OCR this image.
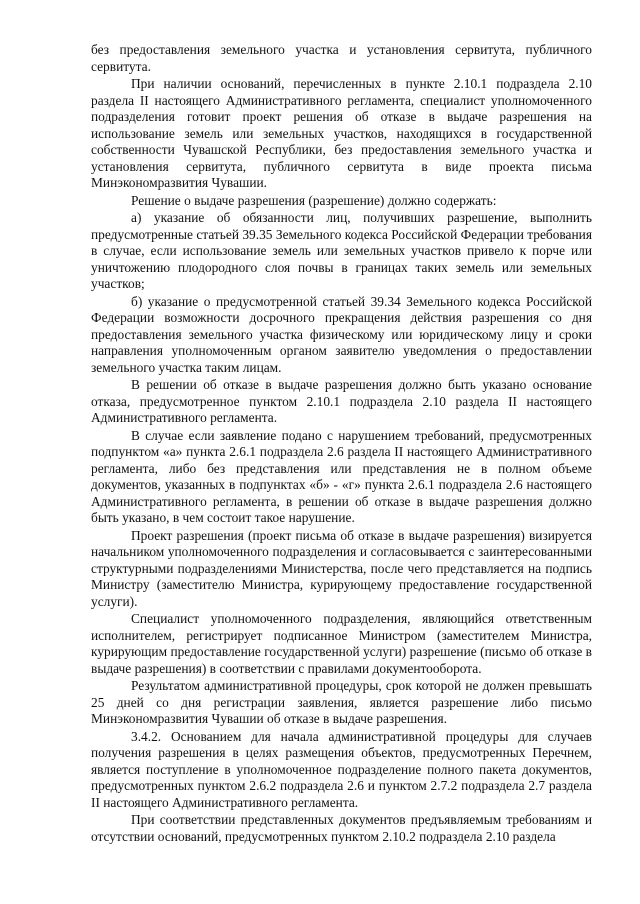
без предоставления земельного участка и установления сервитута, публичного сервитута.

При наличии оснований, перечисленных в пункте 2.10.1 подраздела 2.10 раздела II настоящего Административного регламента, специалист уполномоченного подразделения готовит проект решения об отказе в выдаче разрешения на использование земель или земельных участков, находящихся в государственной собственности Чувашской Республики, без предоставления земельного участка и установления сервитута, публичного сервитута в виде проекта письма Минэкономразвития Чувашии.

Решение о выдаче разрешения (разрешение) должно содержать:

а) указание об обязанности лиц, получивших разрешение, выполнить предусмотренные статьей 39.35 Земельного кодекса Российской Федерации требования в случае, если использование земель или земельных участков привело к порче или уничтожению плодородного слоя почвы в границах таких земель или земельных участков;

б) указание о предусмотренной статьей 39.34 Земельного кодекса Российской Федерации возможности досрочного прекращения действия разрешения со дня предоставления земельного участка физическому или юридическому лицу и сроки направления уполномоченным органом заявителю уведомления о предоставлении земельного участка таким лицам.

В решении об отказе в выдаче разрешения должно быть указано основание отказа, предусмотренное пунктом 2.10.1 подраздела 2.10 раздела II настоящего Административного регламента.

В случае если заявление подано с нарушением требований, предусмотренных подпунктом «а» пункта 2.6.1 подраздела 2.6 раздела II настоящего Административного регламента, либо без представления или представления не в полном объеме документов, указанных в подпунктах «б» - «г» пункта 2.6.1 подраздела 2.6 настоящего Административного регламента, в решении об отказе в выдаче разрешения должно быть указано, в чем состоит такое нарушение.

Проект разрешения (проект письма об отказе в выдаче разрешения) визируется начальником уполномоченного подразделения и согласовывается с заинтересованными структурными подразделениями Министерства, после чего представляется на подпись Министру (заместителю Министра, курирующему предоставление государственной услуги).

Специалист уполномоченного подразделения, являющийся ответственным исполнителем, регистрирует подписанное Министром (заместителем Министра, курирующим предоставление государственной услуги) разрешение (письмо об отказе в выдаче разрешения) в соответствии с правилами документооборота.

Результатом административной процедуры, срок которой не должен превышать 25 дней со дня регистрации заявления, является разрешение либо письмо Минэкономразвития Чувашии об отказе в выдаче разрешения.

3.4.2. Основанием для начала административной процедуры для случаев получения разрешения в целях размещения объектов, предусмотренных Перечнем, является поступление в уполномоченное подразделение полного пакета документов, предусмотренных пунктом 2.6.2 подраздела 2.6 и пунктом 2.7.2 подраздела 2.7 раздела II настоящего Административного регламента.

При соответствии представленных документов предъявляемым требованиям и отсутствии оснований, предусмотренных пунктом 2.10.2 подраздела 2.10 раздела
